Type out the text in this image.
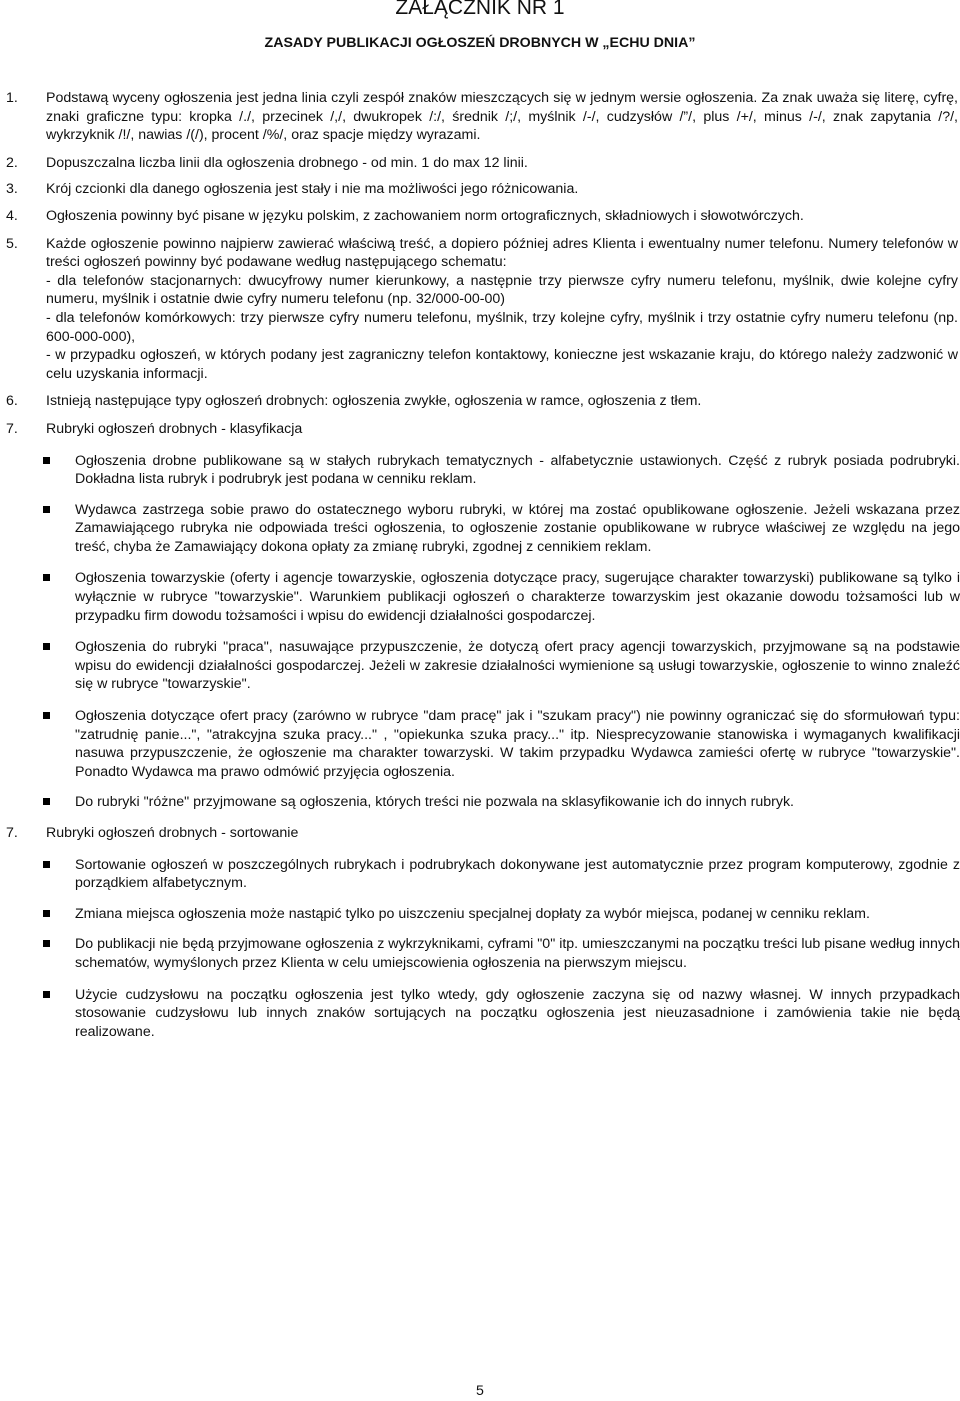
ZAŁĄCZNIK NR 1
ZASADY PUBLIKACJI OGŁOSZEŃ DROBNYCH W „ECHU DNIA”
1. Podstawą wyceny ogłoszenia jest jedna linia czyli zespół znaków mieszczących się w jednym wersie ogłoszenia. Za znak uważa się literę, cyfrę, znaki graficzne typu: kropka /./, przecinek /,/, dwukropek /:/, średnik /;/, myślnik /-/, cudzysłów /”/, plus /+/, minus /-/, znak zapytania /?/, wykrzyknik /!/, nawias /(/), procent /%/, oraz spacje między wyrazami.

2. Dopuszczalna liczba linii dla ogłoszenia drobnego - od min. 1 do max 12 linii.

3. Krój czcionki dla danego ogłoszenia jest stały i nie ma możliwości jego różnicowania.

4. Ogłoszenia powinny być pisane w języku polskim, z zachowaniem norm ortograficznych, składniowych i słowotwórczych.

5. Każde ogłoszenie powinno najpierw zawierać właściwą treść, a dopiero później adres Klienta i ewentualny numer telefonu. Numery telefonów w treści ogłoszeń powinny być podawane według następującego schematu:

- dla telefonów stacjonarnych: dwucyfrowy numer kierunkowy, a następnie trzy pierwsze cyfry numeru telefonu, myślnik, dwie kolejne cyfry numeru, myślnik i ostatnie dwie cyfry numeru telefonu (np. 32/000-00-00)

- dla telefonów komórkowych: trzy pierwsze cyfry numeru telefonu, myślnik, trzy kolejne cyfry, myślnik i trzy ostatnie cyfry numeru telefonu (np. 600-000-000),

- w przypadku ogłoszeń, w których podany jest zagraniczny telefon kontaktowy, konieczne jest wskazanie kraju, do którego należy zadzwonić w celu uzyskania informacji.

6. Istnieją następujące typy ogłoszeń drobnych: ogłoszenia zwykłe, ogłoszenia w ramce, ogłoszenia z tłem.

7. Rubryki ogłoszeń drobnych - klasyfikacja

Ogłoszenia drobne publikowane są w stałych rubrykach tematycznych - alfabetycznie ustawionych. Część z rubryk posiada podrubryki. Dokładna lista rubryk i podrubryk jest podana w cenniku reklam.
Wydawca zastrzega sobie prawo do ostatecznego wyboru rubryki, w której ma zostać opublikowane ogłoszenie. Jeżeli wskazana przez Zamawiającego rubryka nie odpowiada treści ogłoszenia, to ogłoszenie zostanie opublikowane w rubryce właściwej ze względu na jego treść, chyba że Zamawiający dokona opłaty za zmianę rubryki, zgodnej z cennikiem reklam.
Ogłoszenia towarzyskie (oferty i agencje towarzyskie, ogłoszenia dotyczące pracy, sugerujące charakter towarzyski) publikowane są tylko i wyłącznie w rubryce "towarzyskie". Warunkiem publikacji ogłoszeń o charakterze towarzyskim jest okazanie dowodu tożsamości lub w przypadku firm dowodu tożsamości i wpisu do ewidencji działalności gospodarczej.
Ogłoszenia do rubryki "praca", nasuwające przypuszczenie, że dotyczą ofert pracy agencji towarzyskich, przyjmowane są na podstawie wpisu do ewidencji działalności gospodarczej. Jeżeli w zakresie działalności wymienione są usługi towarzyskie, ogłoszenie to winno znaleźć się w rubryce "towarzyskie".
Ogłoszenia dotyczące ofert pracy (zarówno w rubryce "dam pracę" jak i "szukam pracy") nie powinny ograniczać się do sformułowań typu: "zatrudnię panie...", "atrakcyjna szuka pracy..." , "opiekunka szuka pracy..." itp. Niesprecyzowanie stanowiska i wymaganych kwalifikacji nasuwa przypuszczenie, że ogłoszenie ma charakter towarzyski. W takim przypadku Wydawca zamieści ofertę w rubryce "towarzyskie". Ponadto Wydawca ma prawo odmówić przyjęcia ogłoszenia.
Do rubryki "różne" przyjmowane są ogłoszenia, których treści nie pozwala na sklasyfikowanie ich do innych rubryk.
7. Rubryki ogłoszeń drobnych - sortowanie

Sortowanie ogłoszeń w poszczególnych rubrykach i podrubrykach dokonywane jest automatycznie przez program komputerowy, zgodnie z porządkiem alfabetycznym.
Zmiana miejsca ogłoszenia może nastąpić tylko po uiszczeniu specjalnej dopłaty za wybór miejsca, podanej w cenniku reklam.
Do publikacji nie będą przyjmowane ogłoszenia z wykrzyknikami, cyframi "0" itp. umieszczanymi na początku treści lub pisane według innych schematów, wymyślonych przez Klienta w celu umiejscowienia ogłoszenia na pierwszym miejscu.
Użycie cudzysłowu na początku ogłoszenia jest tylko wtedy, gdy ogłoszenie zaczyna się od nazwy własnej. W innych przypadkach stosowanie cudzysłowu lub innych znaków sortujących na początku ogłoszenia jest nieuzasadnione i zamówienia takie nie będą realizowane.
5
